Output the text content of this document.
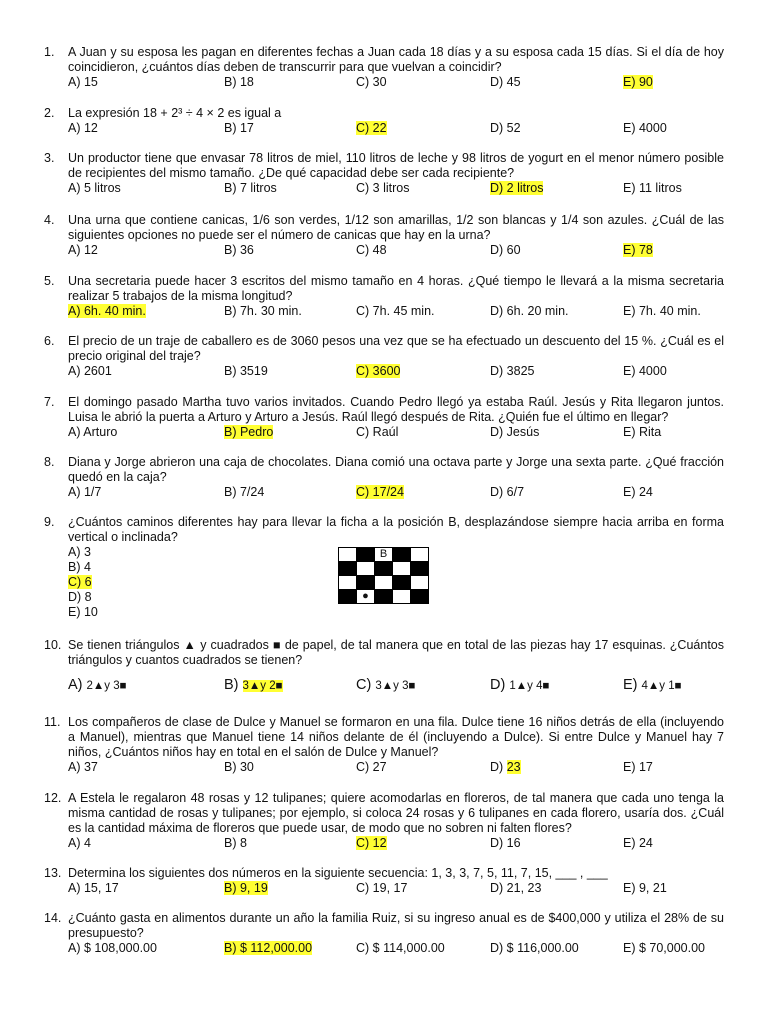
1.	A Juan y su esposa les pagan en diferentes fechas a Juan cada 18 días y a su esposa cada 15 días. Si el día de hoy coincidieron, ¿cuántos días deben de transcurrir para que vuelvan a coincidir?
A) 15	B) 18	C) 30	D) 45	E) 90
2.	La expresión 18 + 2³ ÷ 4 × 2 es igual a
A) 12	B) 17	C) 22	D) 52	E) 4000
3.	Un productor tiene que envasar 78 litros de miel, 110 litros de leche y 98 litros de yogurt en el menor número posible de recipientes del mismo tamaño. ¿De qué capacidad debe ser cada recipiente?
A) 5 litros	B) 7 litros	C) 3 litros	D) 2 litros	E) 11 litros
4.	Una urna que contiene canicas, 1/6 son verdes, 1/12 son amarillas, 1/2 son blancas y 1/4 son azules. ¿Cuál de las siguientes opciones no puede ser el número de canicas que hay en la urna?
A) 12	B) 36	C) 48	D) 60	E) 78
5.	Una secretaria puede hacer 3 escritos del mismo tamaño en 4 horas. ¿Qué tiempo le llevará a la misma secretaria realizar 5 trabajos de la misma longitud?
A) 6h. 40 min.	B) 7h. 30 min.	C) 7h. 45 min.	D) 6h. 20 min.	E) 7h. 40 min.
6.	El precio de un traje de caballero es de 3060 pesos una vez que se ha efectuado un descuento del 15 %. ¿Cuál es el precio original del traje?
A) 2601	B) 3519	C) 3600	D) 3825	E) 4000
7.	El domingo pasado Martha tuvo varios invitados. Cuando Pedro llegó ya estaba Raúl. Jesús y Rita llegaron juntos. Luisa le abrió la puerta a Arturo y Arturo a Jesús. Raúl llegó después de Rita. ¿Quién fue el último en llegar?
A) Arturo	B) Pedro	C) Raúl	D) Jesús	E) Rita
8.	Diana y Jorge abrieron una caja de chocolates. Diana comió una octava parte y Jorge una sexta parte. ¿Qué fracción quedó en la caja?
A) 1/7	B) 7/24	C) 17/24	D) 6/7	E) 24
9.	¿Cuántos caminos diferentes hay para llevar la ficha a la posición B, desplazándose siempre hacia arriba en forma vertical o inclinada?
A) 3
B) 4
C) 6
D) 8
E) 10
		B		

	●			
10. Se tienen triángulos ▲ y cuadrados ■ de papel, de tal manera que en total de las piezas hay 17 esquinas. ¿Cuántos triángulos y cuantos cuadrados se tienen?
A) 2▲y 3■	B) 3▲y 2■	C) 3▲y 3■	D) 1▲y 4■	E) 4▲y 1■
11. Los compañeros de clase de Dulce y Manuel se formaron en una fila. Dulce tiene 16 niños detrás de ella (incluyendo a Manuel), mientras que Manuel tiene 14 niños delante de él (incluyendo a Dulce). Si entre Dulce y Manuel hay 7 niños, ¿Cuántos niños hay en total en el salón de Dulce y Manuel?
A) 37	B) 30	C) 27	D) 23	E) 17
12. A Estela le regalaron 48 rosas y 12 tulipanes; quiere acomodarlas en floreros, de tal manera que cada uno tenga la misma cantidad de rosas y tulipanes; por ejemplo, si coloca 24 rosas y 6 tulipanes en cada florero, usaría dos. ¿Cuál es la cantidad máxima de floreros que puede usar, de modo que no sobren ni falten flores?
A) 4	B) 8	C) 12	D) 16	E) 24
13. Determina los siguientes dos números en la siguiente secuencia: 1, 3, 3, 7, 5, 11, 7, 15, ___ , ___
A) 15, 17	B) 9, 19	C) 19, 17	D) 21, 23	E) 9, 21
14. ¿Cuánto gasta en alimentos durante un año la familia Ruiz, si su ingreso anual es de $400,000 y utiliza el 28% de su presupuesto?
A) $ 108,000.00	B) $ 112,000.00	C) $ 114,000.00	D) $ 116,000.00	E) $ 70,000.00
